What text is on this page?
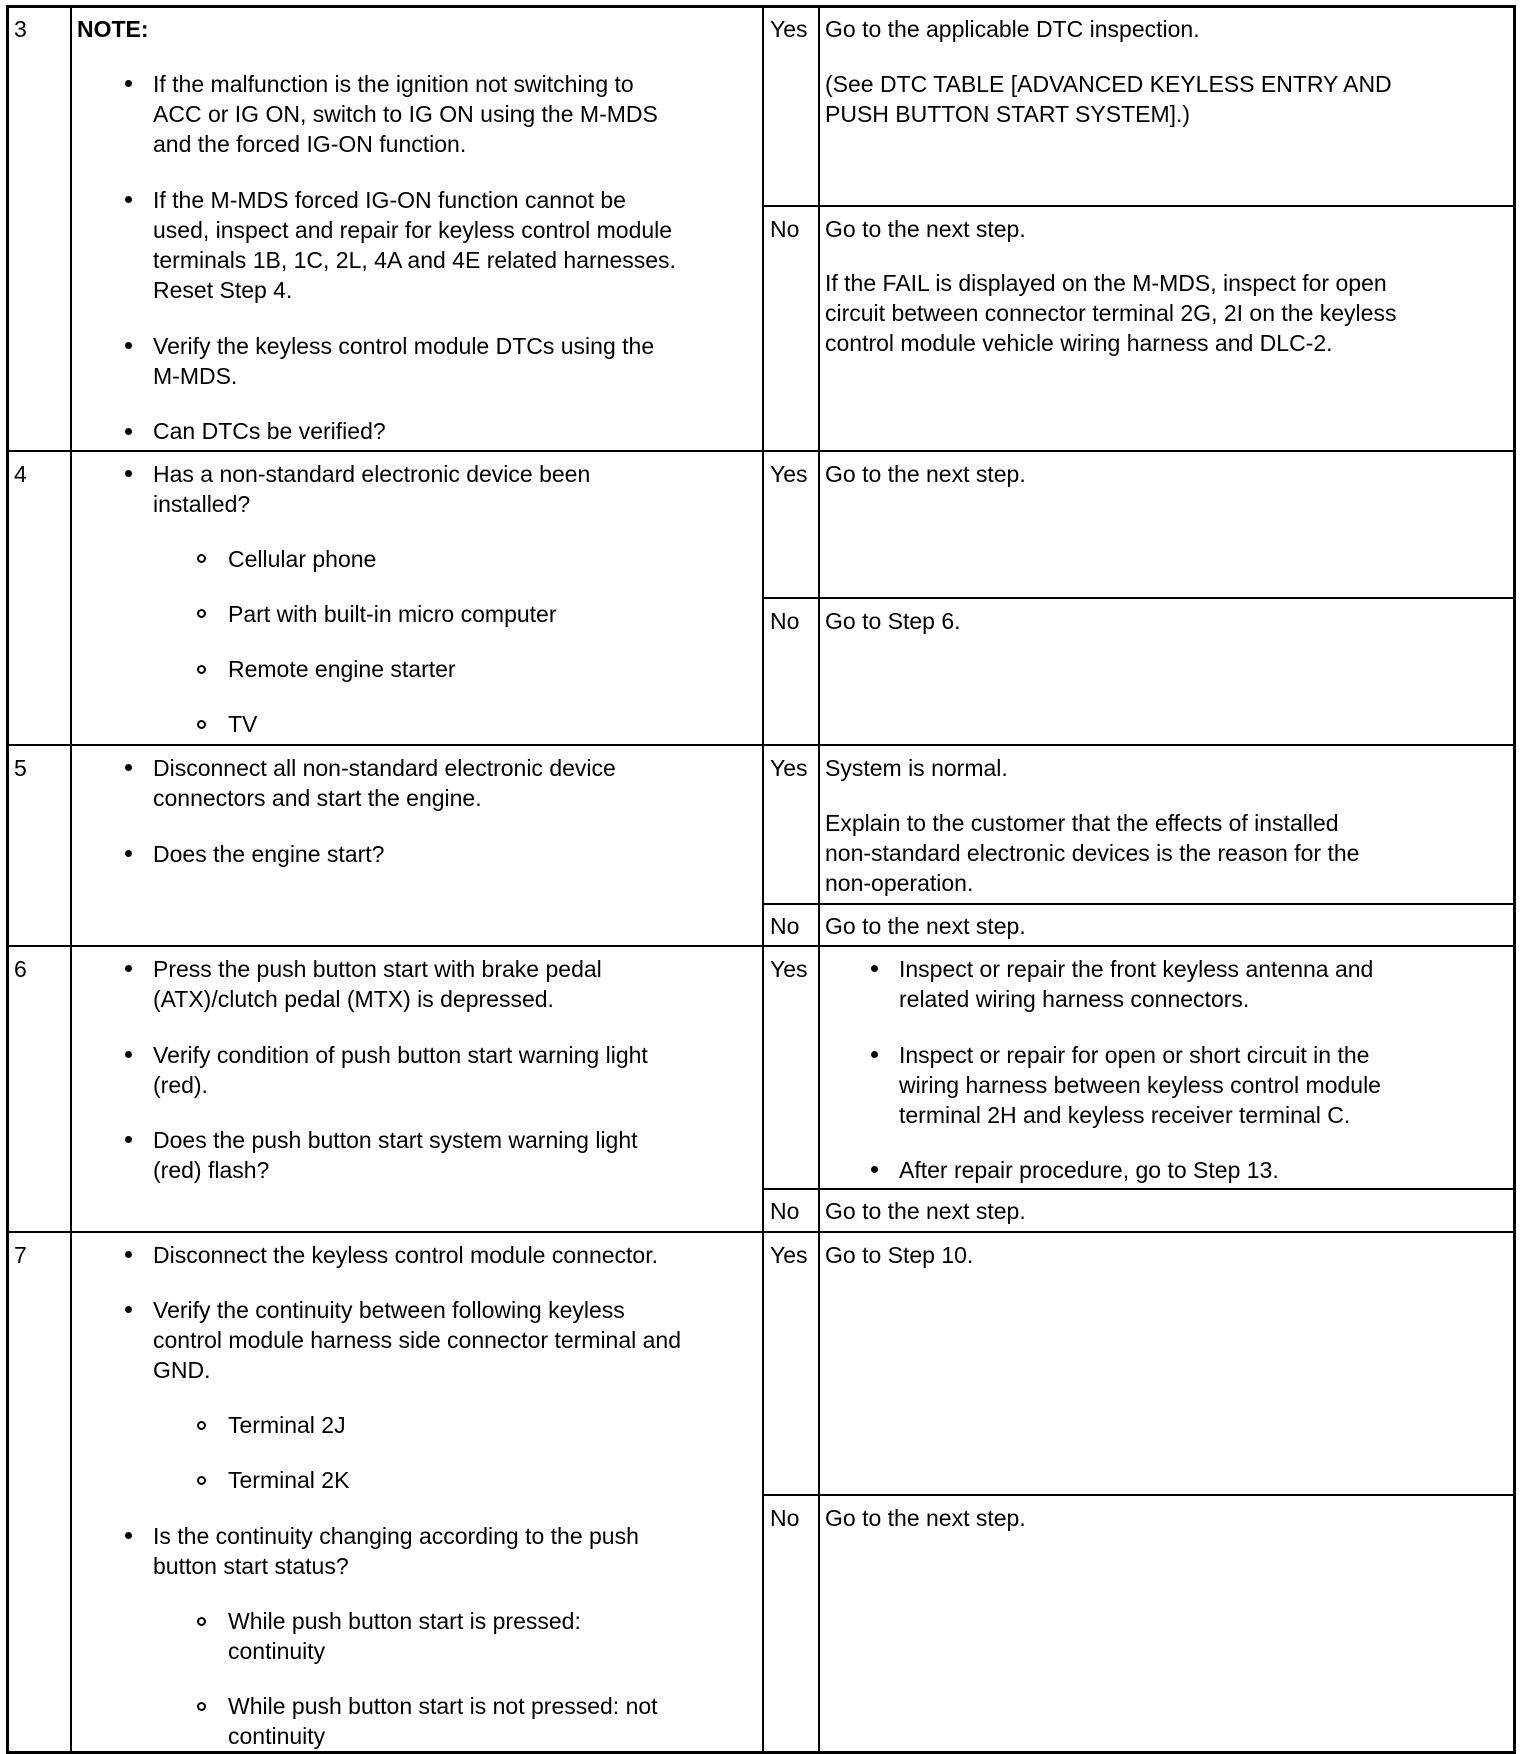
3 NOTE:
If the malfunction is the ignition not switching to
ACC or IG ON, switch to IG ON using the M-MDS
and the forced IG-ON function.
If the M-MDS forced IG-ON function cannot be
used, inspect and repair for keyless control module
terminals 1B, 1C, 2L, 4A and 4E related harnesses.
Reset Step 4.
Verify the keyless control module DTCs using the
M-MDS.
Can DTCs be verified?
Yes Go to the applicable DTC inspection.
(See DTC TABLE [ADVANCED KEYLESS ENTRY AND
PUSH BUTTON START SYSTEM].)
No Go to the next step.
If the FAIL is displayed on the M-MDS, inspect for open
circuit between connector terminal 2G, 2I on the keyless
control module vehicle wiring harness and DLC-2.
4	Has a non-standard electronic device been
installed?
Cellular phone
Part with built-in micro computer
Remote engine starter
TV
Yes Go to the next step.
No Go to Step 6.
5	Disconnect all non-standard electronic device
connectors and start the engine.
Does the engine start?
Yes System is normal.
Explain to the customer that the effects of installed
non-standard electronic devices is the reason for the
non-operation.
No Go to the next step.
6	Press the push button start with brake pedal
(ATX)/clutch pedal (MTX) is depressed.
Verify condition of push button start warning light
(red).
Does the push button start system warning light
(red) flash?
Yes	Inspect or repair the front keyless antenna and
related wiring harness connectors.
Inspect or repair for open or short circuit in the
wiring harness between keyless control module
terminal 2H and keyless receiver terminal C.
After repair procedure, go to Step 13.
No Go to the next step.
7	Disconnect the keyless control module connector.
Verify the continuity between following keyless
control module harness side connector terminal and
GND.
Terminal 2J
Terminal 2K
Is the continuity changing according to the push
button start status?
While push button start is pressed:
continuity
While push button start is not pressed: not
continuity
Yes Go to Step 10.
No Go to the next step.
